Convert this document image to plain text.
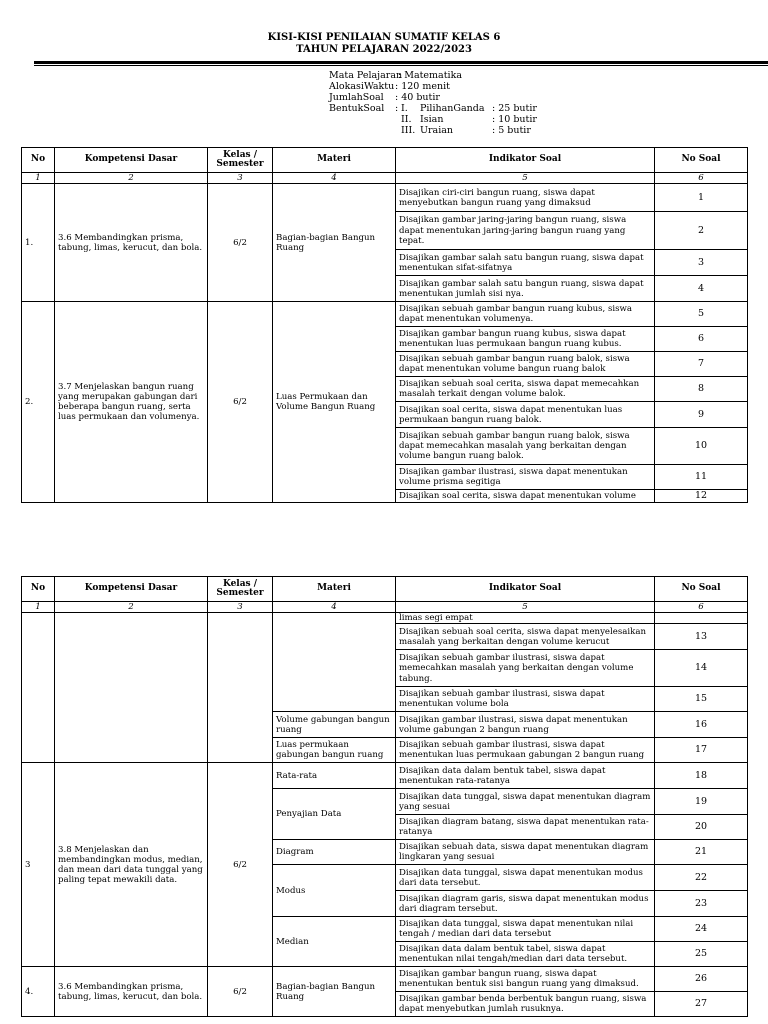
KISI-KISI PENILAIAN SUMATIF KELAS 6
TAHUN PELAJARAN 2022/2023
Mata Pelajaran
: Matematika
AlokasiWaktu : 120 menit
JumlahSoal : 40 butir
BentukSoal : I. PilihanGanda : 25 butir
II. Isian	: 10 butir
III. Uraian	: 5 butir
No	Kompetensi Dasar	Kelas / Semester	Materi	Indikator Soal	No Soal
1	2	3	4	5	6
1.	3.6 Membandingkan prisma, tabung, limas, kerucut, dan bola.	6/2	Bagian-bagian Bangun Ruang	Disajikan ciri-ciri bangun ruang, siswa dapat menyebutkan bangun ruang yang dimaksud	1
				Disajikan gambar jaring-jaring bangun ruang, siswa dapat menentukan jaring-jaring bangun ruang yang tepat.	2
				Disajikan gambar salah satu bangun ruang, siswa dapat menentukan sifat-sifatnya	3
				Disajikan gambar salah satu bangun ruang, siswa dapat menentukan jumlah sisi nya.	4
2.	3.7 Menjelaskan bangun ruang yang merupakan gabungan dari beberapa bangun ruang, serta luas permukaan dan volumenya.	6/2	Luas Permukaan dan Volume Bangun Ruang	Disajikan sebuah gambar bangun ruang kubus, siswa dapat menentukan volumenya.	5
				Disajikan gambar bangun ruang kubus, siswa dapat menentukan luas permukaan bangun ruang kubus.	6
				Disajikan sebuah gambar bangun ruang balok, siswa dapat menentukan volume bangun ruang balok	7
				Disajikan sebuah soal cerita, siswa dapat memecahkan masalah terkait dengan volume balok.	8
				Disajikan soal cerita, siswa dapat menentukan luas permukaan bangun ruang balok.	9
				Disajikan sebuah gambar bangun ruang balok, siswa dapat memecahkan masalah yang berkaitan dengan volume bangun ruang balok.	10
				Disajikan gambar ilustrasi, siswa dapat menentukan volume prisma segitiga	11
				Disajikan soal cerita, siswa dapat menentukan volume	12
No	Kompetensi Dasar	Kelas / Semester	Materi	Indikator Soal	No Soal
1	2	3	4	5	6
				limas segi empat	
				Disajikan sebuah soal cerita, siswa dapat menyelesaikan masalah yang berkaitan dengan volume kerucut	13
				Disajikan sebuah gambar ilustrasi, siswa dapat memecahkan masalah yang berkaitan dengan volume tabung.	14
				Disajikan sebuah gambar ilustrasi, siswa dapat menentukan volume bola	15
			Volume gabungan bangun ruang	Disajikan gambar ilustrasi, siswa dapat menentukan volume gabungan 2 bangun ruang	16
			Luas permukaan gabungan bangun ruang	Disajikan sebuah gambar ilustrasi, siswa dapat menentukan luas permukaan gabungan 2 bangun ruang	17
3	3.8 Menjelaskan dan membandingkan modus, median, dan mean dari data tunggal yang paling tepat mewakili data.	6/2	Rata-rata	Disajikan data dalam bentuk tabel, siswa dapat menentukan rata-ratanya	18
			Penyajian Data	Disajikan data tunggal, siswa dapat menentukan diagram yang sesuai	19
				Disajikan diagram batang, siswa dapat menentukan rata-ratanya	20
			Diagram	Disajikan sebuah data, siswa dapat menentukan diagram lingkaran yang sesuai	21
			Modus	Disajikan data tunggal, siswa dapat menentukan modus dari data tersebut.	22
				Disajikan diagram garis, siswa dapat menentukan modus dari diagram tersebut.	23
			Median	Disajikan data tunggal, siswa dapat menentukan nilai tengah / median dari data tersebut	24
				Disajikan data dalam bentuk tabel, siswa dapat menentukan nilai tengah/median dari data tersebut.	25
4.	3.6 Membandingkan prisma, tabung, limas, kerucut, dan bola.	6/2	Bagian-bagian Bangun Ruang	Disajikan gambar bangun ruang, siswa dapat menentukan bentuk sisi bangun ruang yang dimaksud.	26
				Disajikan gambar benda berbentuk bangun ruang, siswa dapat menyebutkan jumlah rusuknya.	27
